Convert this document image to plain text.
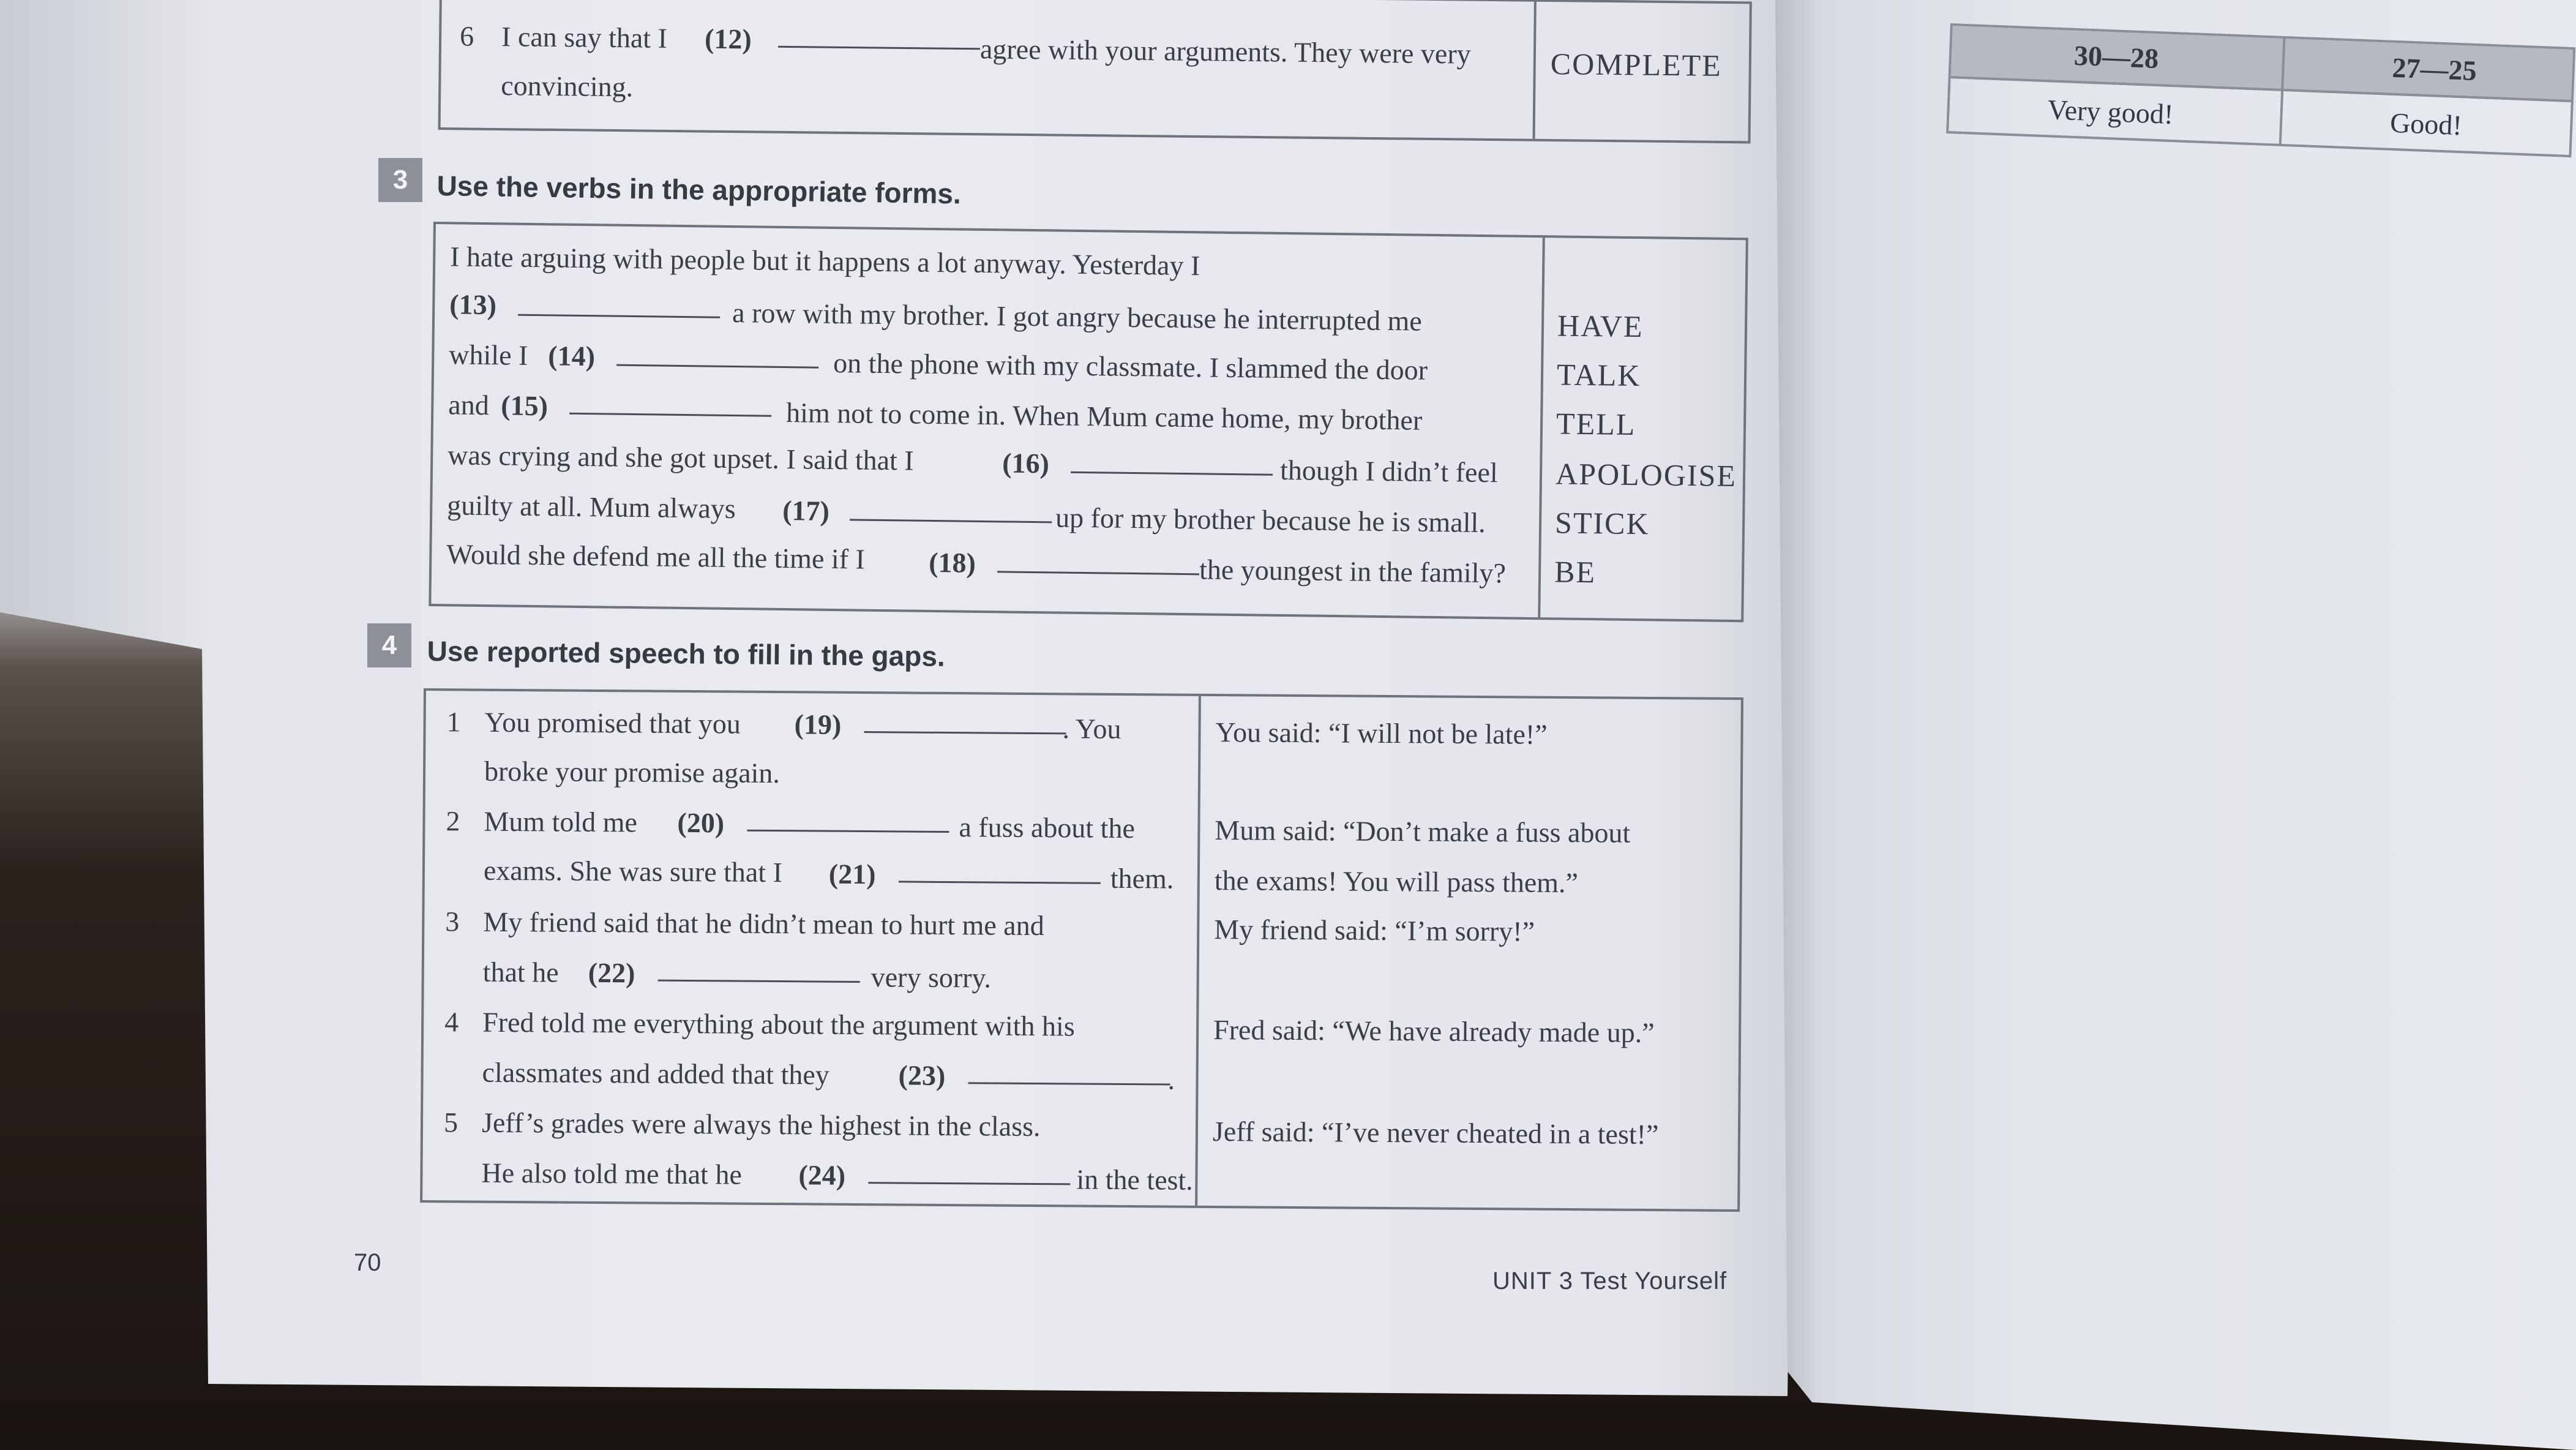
6 I can say that I (12)	agree with your arguments. They were very
convincing.
COMPLETE
3	Use the verbs in the appropriate forms.
I hate arguing with people but it happens a lot anyway. Yesterday I
(13)	a row with my brother. I got angry because he interrupted me
while I (14)	on the phone with my classmate. I slammed the door
and (15)	him not to come in. When Mum came home, my brother
was crying and she got upset. I said that I	(16)	though I didn’t feel
guilty at all. Mum always (17)	up for my brother because he is small.
Would she defend me all the time if I (18)	the youngest in the family?
HAVE
TALK
TELL
APOLOGISE
STICK
BE
4	Use reported speech to fill in the gaps.
1 You promised that you (19)	. You
broke your promise again.
You said: “I will not be late!”
2 Mum told me (20)	a fuss about the
exams. She was sure that I (21)	them.
Mum said: “Don’t make a fuss about
the exams! You will pass them.”
3 My friend said that he didn’t mean to hurt me and
that he (22)	very sorry.
My friend said: “I’m sorry!”
4 Fred told me everything about the argument with his
classmates and added that they (23)	.
Fred said: “We have already made up.”
5 Jeff’s grades were always the highest in the class.
He also told me that he (24)	in the test.
Jeff said: “I’ve never cheated in a test!”
70
UNIT 3 Test Yourself
30—28	27—25
Very good!	Good!
